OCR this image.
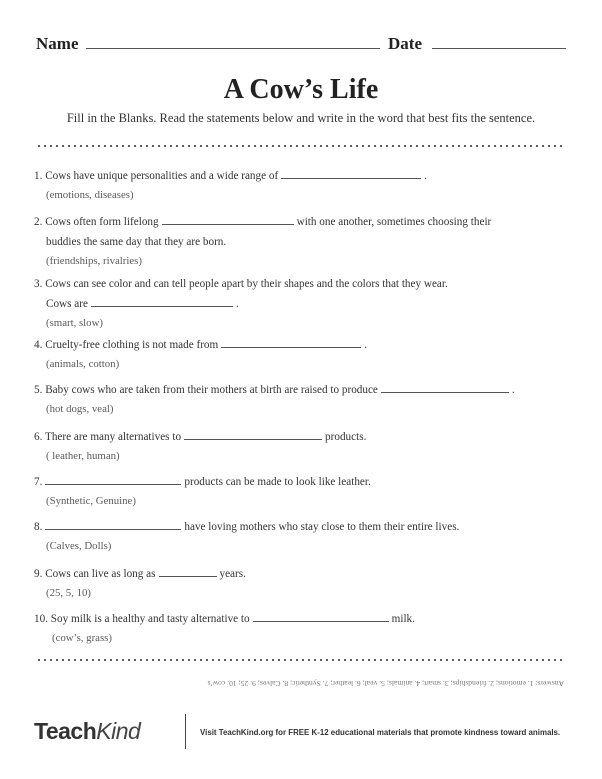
Name	Date
A Cow’s Life
Fill in the Blanks. Read the statements below and write in the word that best fits the sentence.
1. Cows have unique personalities and a wide range of	.
(emotions, diseases)
2. Cows often form lifelong	with one another, sometimes choosing their
buddies the same day that they are born.
(friendships, rivalries)
3. Cows can see color and can tell people apart by their shapes and the colors that they wear.
Cows are	.
(smart, slow)
4. Cruelty-free clothing is not made from	.
(animals, cotton)
5. Baby cows who are taken from their mothers at birth are raised to produce	.
(hot dogs, veal)
6. There are many alternatives to	products.
( leather, human)
7.	products can be made to look like leather.
(Synthetic, Genuine)
8.	have loving mothers who stay close to them their entire lives.
(Calves, Dolls)
9. Cows can live as long as	years.
(25, 5, 10)
10. Soy milk is a healthy and tasty alternative to	milk.
(cow’s, grass)
Answers: 1. emotions; 2. friendships; 3. smart; 4. animals; 5. veal; 6. leather; 7. Synthetic; 8. Calves; 9. 25; 10. cow’s
TeachKind	Visit TeachKind.org for FREE K-12 educational materials that promote kindness toward animals.
